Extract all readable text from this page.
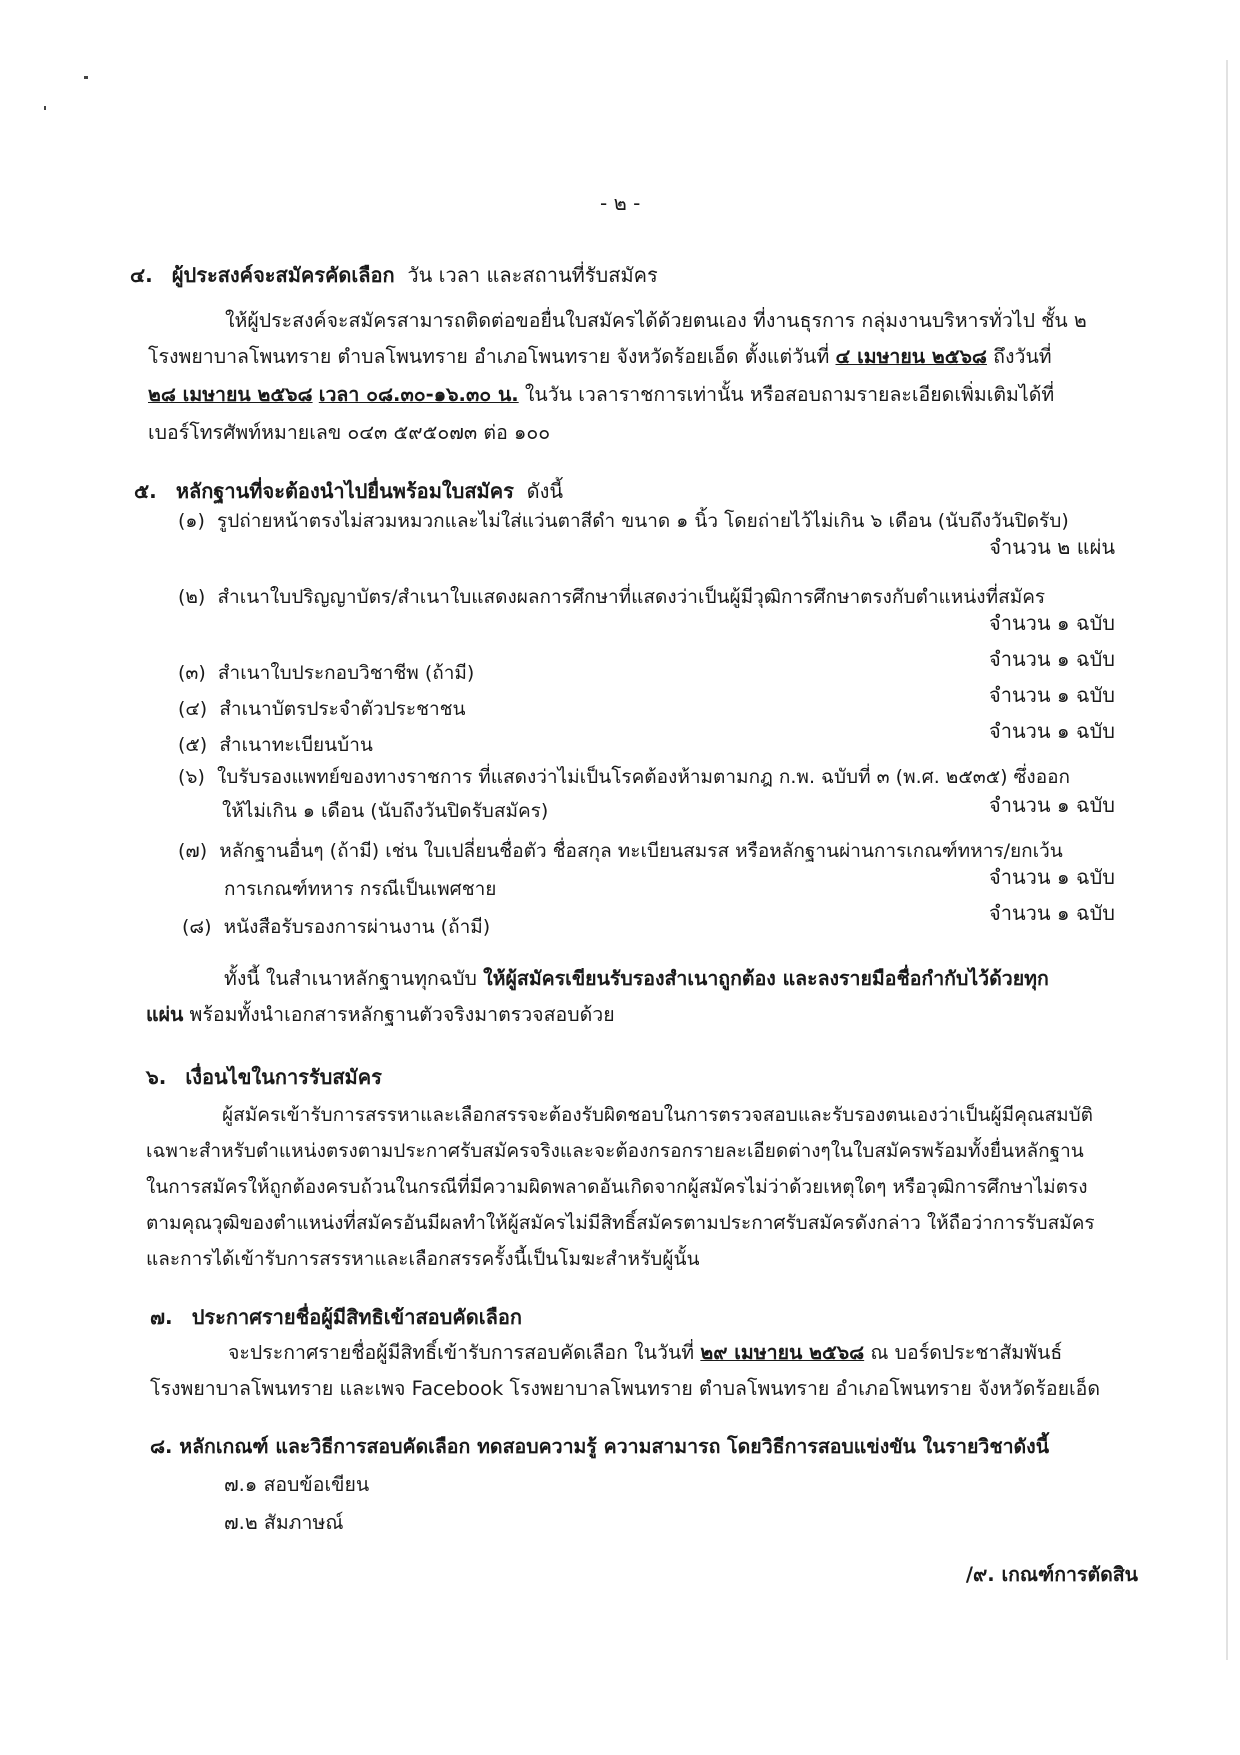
- ๒ -
๔. ผู้ประสงค์จะสมัครคัดเลือก วัน เวลา และสถานที่รับสมัคร
ให้ผู้ประสงค์จะสมัครสามารถติดต่อขอยื่นใบสมัครได้ด้วยตนเอง ที่งานธุรการ กลุ่มงานบริหารทั่วไป ชั้น ๒
โรงพยาบาลโพนทราย ตำบลโพนทราย อำเภอโพนทราย จังหวัดร้อยเอ็ด ตั้งแต่วันที่ ๔ เมษายน ๒๕๖๘ ถึงวันที่
๒๘ เมษายน ๒๕๖๘ เวลา ๐๘.๓๐-๑๖.๓๐ น. ในวัน เวลาราชการเท่านั้น หรือสอบถามรายละเอียดเพิ่มเติมได้ที่
เบอร์โทรศัพท์หมายเลข ๐๔๓ ๕๙๕๐๗๓ ต่อ ๑๐๐
๕. หลักฐานที่จะต้องนำไปยื่นพร้อมใบสมัคร ดังนี้
(๑) รูปถ่ายหน้าตรงไม่สวมหมวกและไม่ใส่แว่นตาสีดำ ขนาด ๑ นิ้ว โดยถ่ายไว้ไม่เกิน ๖ เดือน (นับถึงวันปิดรับ)
จำนวน ๒ แผ่น
(๒) สำเนาใบปริญญาบัตร/สำเนาใบแสดงผลการศึกษาที่แสดงว่าเป็นผู้มีวุฒิการศึกษาตรงกับตำแหน่งที่สมัคร
จำนวน ๑ ฉบับ
จำนวน ๑ ฉบับ
(๓) สำเนาใบประกอบวิชาชีพ (ถ้ามี)
จำนวน ๑ ฉบับ
(๔) สำเนาบัตรประจำตัวประชาชน
จำนวน ๑ ฉบับ
(๕) สำเนาทะเบียนบ้าน
(๖) ใบรับรองแพทย์ของทางราชการ ที่แสดงว่าไม่เป็นโรคต้องห้ามตามกฎ ก.พ. ฉบับที่ ๓ (พ.ศ. ๒๕๓๕) ซึ่งออก
ให้ไม่เกิน ๑ เดือน (นับถึงวันปิดรับสมัคร)	จำนวน ๑ ฉบับ
(๗) หลักฐานอื่นๆ (ถ้ามี) เช่น ใบเปลี่ยนชื่อตัว ชื่อสกุล ทะเบียนสมรส หรือหลักฐานผ่านการเกณฑ์ทหาร/ยกเว้น
จำนวน ๑ ฉบับ
การเกณฑ์ทหาร กรณีเป็นเพศชาย
จำนวน ๑ ฉบับ
(๘) หนังสือรับรองการผ่านงาน (ถ้ามี)
ทั้งนี้ ในสำเนาหลักฐานทุกฉบับ ให้ผู้สมัครเขียนรับรองสำเนาถูกต้อง และลงรายมือชื่อกำกับไว้ด้วยทุก
แผ่น พร้อมทั้งนำเอกสารหลักฐานตัวจริงมาตรวจสอบด้วย
๖. เงื่อนไขในการรับสมัคร
ผู้สมัครเข้ารับการสรรหาและเลือกสรรจะต้องรับผิดชอบในการตรวจสอบและรับรองตนเองว่าเป็นผู้มีคุณสมบัติ
เฉพาะสำหรับตำแหน่งตรงตามประกาศรับสมัครจริงและจะต้องกรอกรายละเอียดต่างๆในใบสมัครพร้อมทั้งยื่นหลักฐาน
ในการสมัครให้ถูกต้องครบถ้วนในกรณีที่มีความผิดพลาดอันเกิดจากผู้สมัครไม่ว่าด้วยเหตุใดๆ หรือวุฒิการศึกษาไม่ตรง
ตามคุณวุฒิของตำแหน่งที่สมัครอันมีผลทำให้ผู้สมัครไม่มีสิทธิ์สมัครตามประกาศรับสมัครดังกล่าว ให้ถือว่าการรับสมัคร
และการได้เข้ารับการสรรหาและเลือกสรรครั้งนี้เป็นโมฆะสำหรับผู้นั้น
๗. ประกาศรายชื่อผู้มีสิทธิเข้าสอบคัดเลือก
จะประกาศรายชื่อผู้มีสิทธิ์เข้ารับการสอบคัดเลือก ในวันที่ ๒๙ เมษายน ๒๕๖๘ ณ บอร์ดประชาสัมพันธ์
โรงพยาบาลโพนทราย และเพจ Facebook โรงพยาบาลโพนทราย ตำบลโพนทราย อำเภอโพนทราย จังหวัดร้อยเอ็ด
๘. หลักเกณฑ์ และวิธีการสอบคัดเลือก ทดสอบความรู้ ความสามารถ โดยวิธีการสอบแข่งขัน ในรายวิชาดังนี้
๗.๑ สอบข้อเขียน
๗.๒ สัมภาษณ์
/๙. เกณฑ์การตัดสิน
